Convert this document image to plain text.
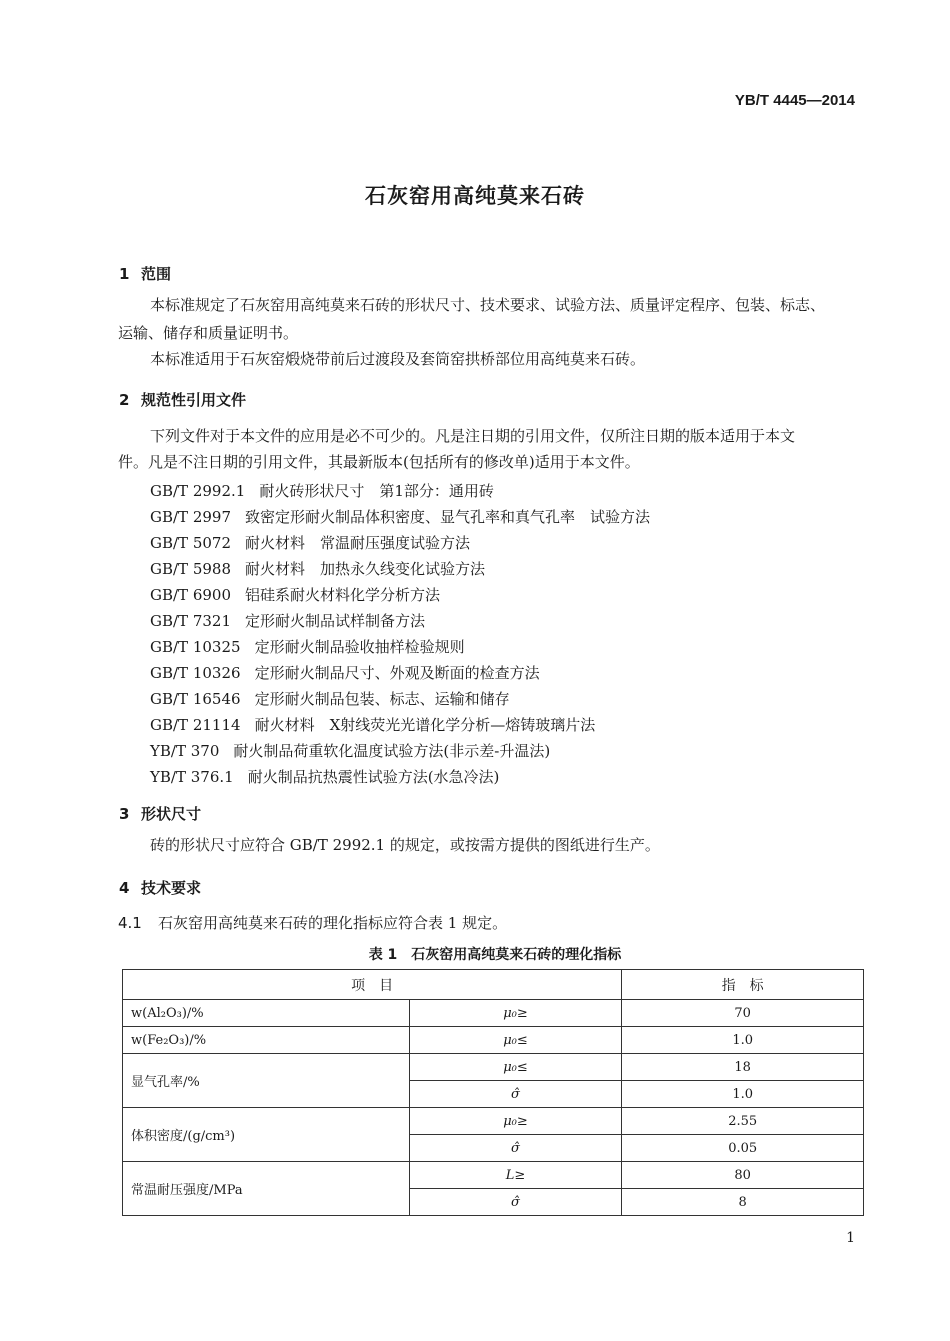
YB/T 4445—2014
石灰窑用高纯莫来石砖
1 范围
本标准规定了石灰窑用高纯莫来石砖的形状尺寸、技术要求、试验方法、质量评定程序、包装、标志、
运输、储存和质量证明书。
本标准适用于石灰窑煅烧带前后过渡段及套筒窑拱桥部位用高纯莫来石砖。
2 规范性引用文件
下列文件对于本文件的应用是必不可少的。凡是注日期的引用文件，仅所注日期的版本适用于本文
件。凡是不注日期的引用文件，其最新版本(包括所有的修改单)适用于本文件。
GB/T 2992.1 耐火砖形状尺寸　第1部分：通用砖
GB/T 2997 致密定形耐火制品体积密度、显气孔率和真气孔率　试验方法
GB/T 5072 耐火材料　常温耐压强度试验方法
GB/T 5988 耐火材料　加热永久线变化试验方法
GB/T 6900 铝硅系耐火材料化学分析方法
GB/T 7321 定形耐火制品试样制备方法
GB/T 10325 定形耐火制品验收抽样检验规则
GB/T 10326 定形耐火制品尺寸、外观及断面的检查方法
GB/T 16546 定形耐火制品包装、标志、运输和储存
GB/T 21114 耐火材料　X射线荧光光谱化学分析—熔铸玻璃片法
YB/T 370 耐火制品荷重软化温度试验方法(非示差-升温法)
YB/T 376.1 耐火制品抗热震性试验方法(水急冷法)
3 形状尺寸
砖的形状尺寸应符合 GB/T 2992.1 的规定，或按需方提供的图纸进行生产。
4 技术要求
4.1 石灰窑用高纯莫来石砖的理化指标应符合表 1 规定。
表 1　石灰窑用高纯莫来石砖的理化指标
项　目		指　标
w(Al₂O₃)/%	μ₀≥	70
w(Fe₂O₃)/%	μ₀≤	1.0
显气孔率/%	μ₀≤	18
	σ̂	1.0
体积密度/(g/cm³)	μ₀≥	2.55
	σ̂	0.05
常温耐压强度/MPa	L≥	80
	σ̂	8
1
